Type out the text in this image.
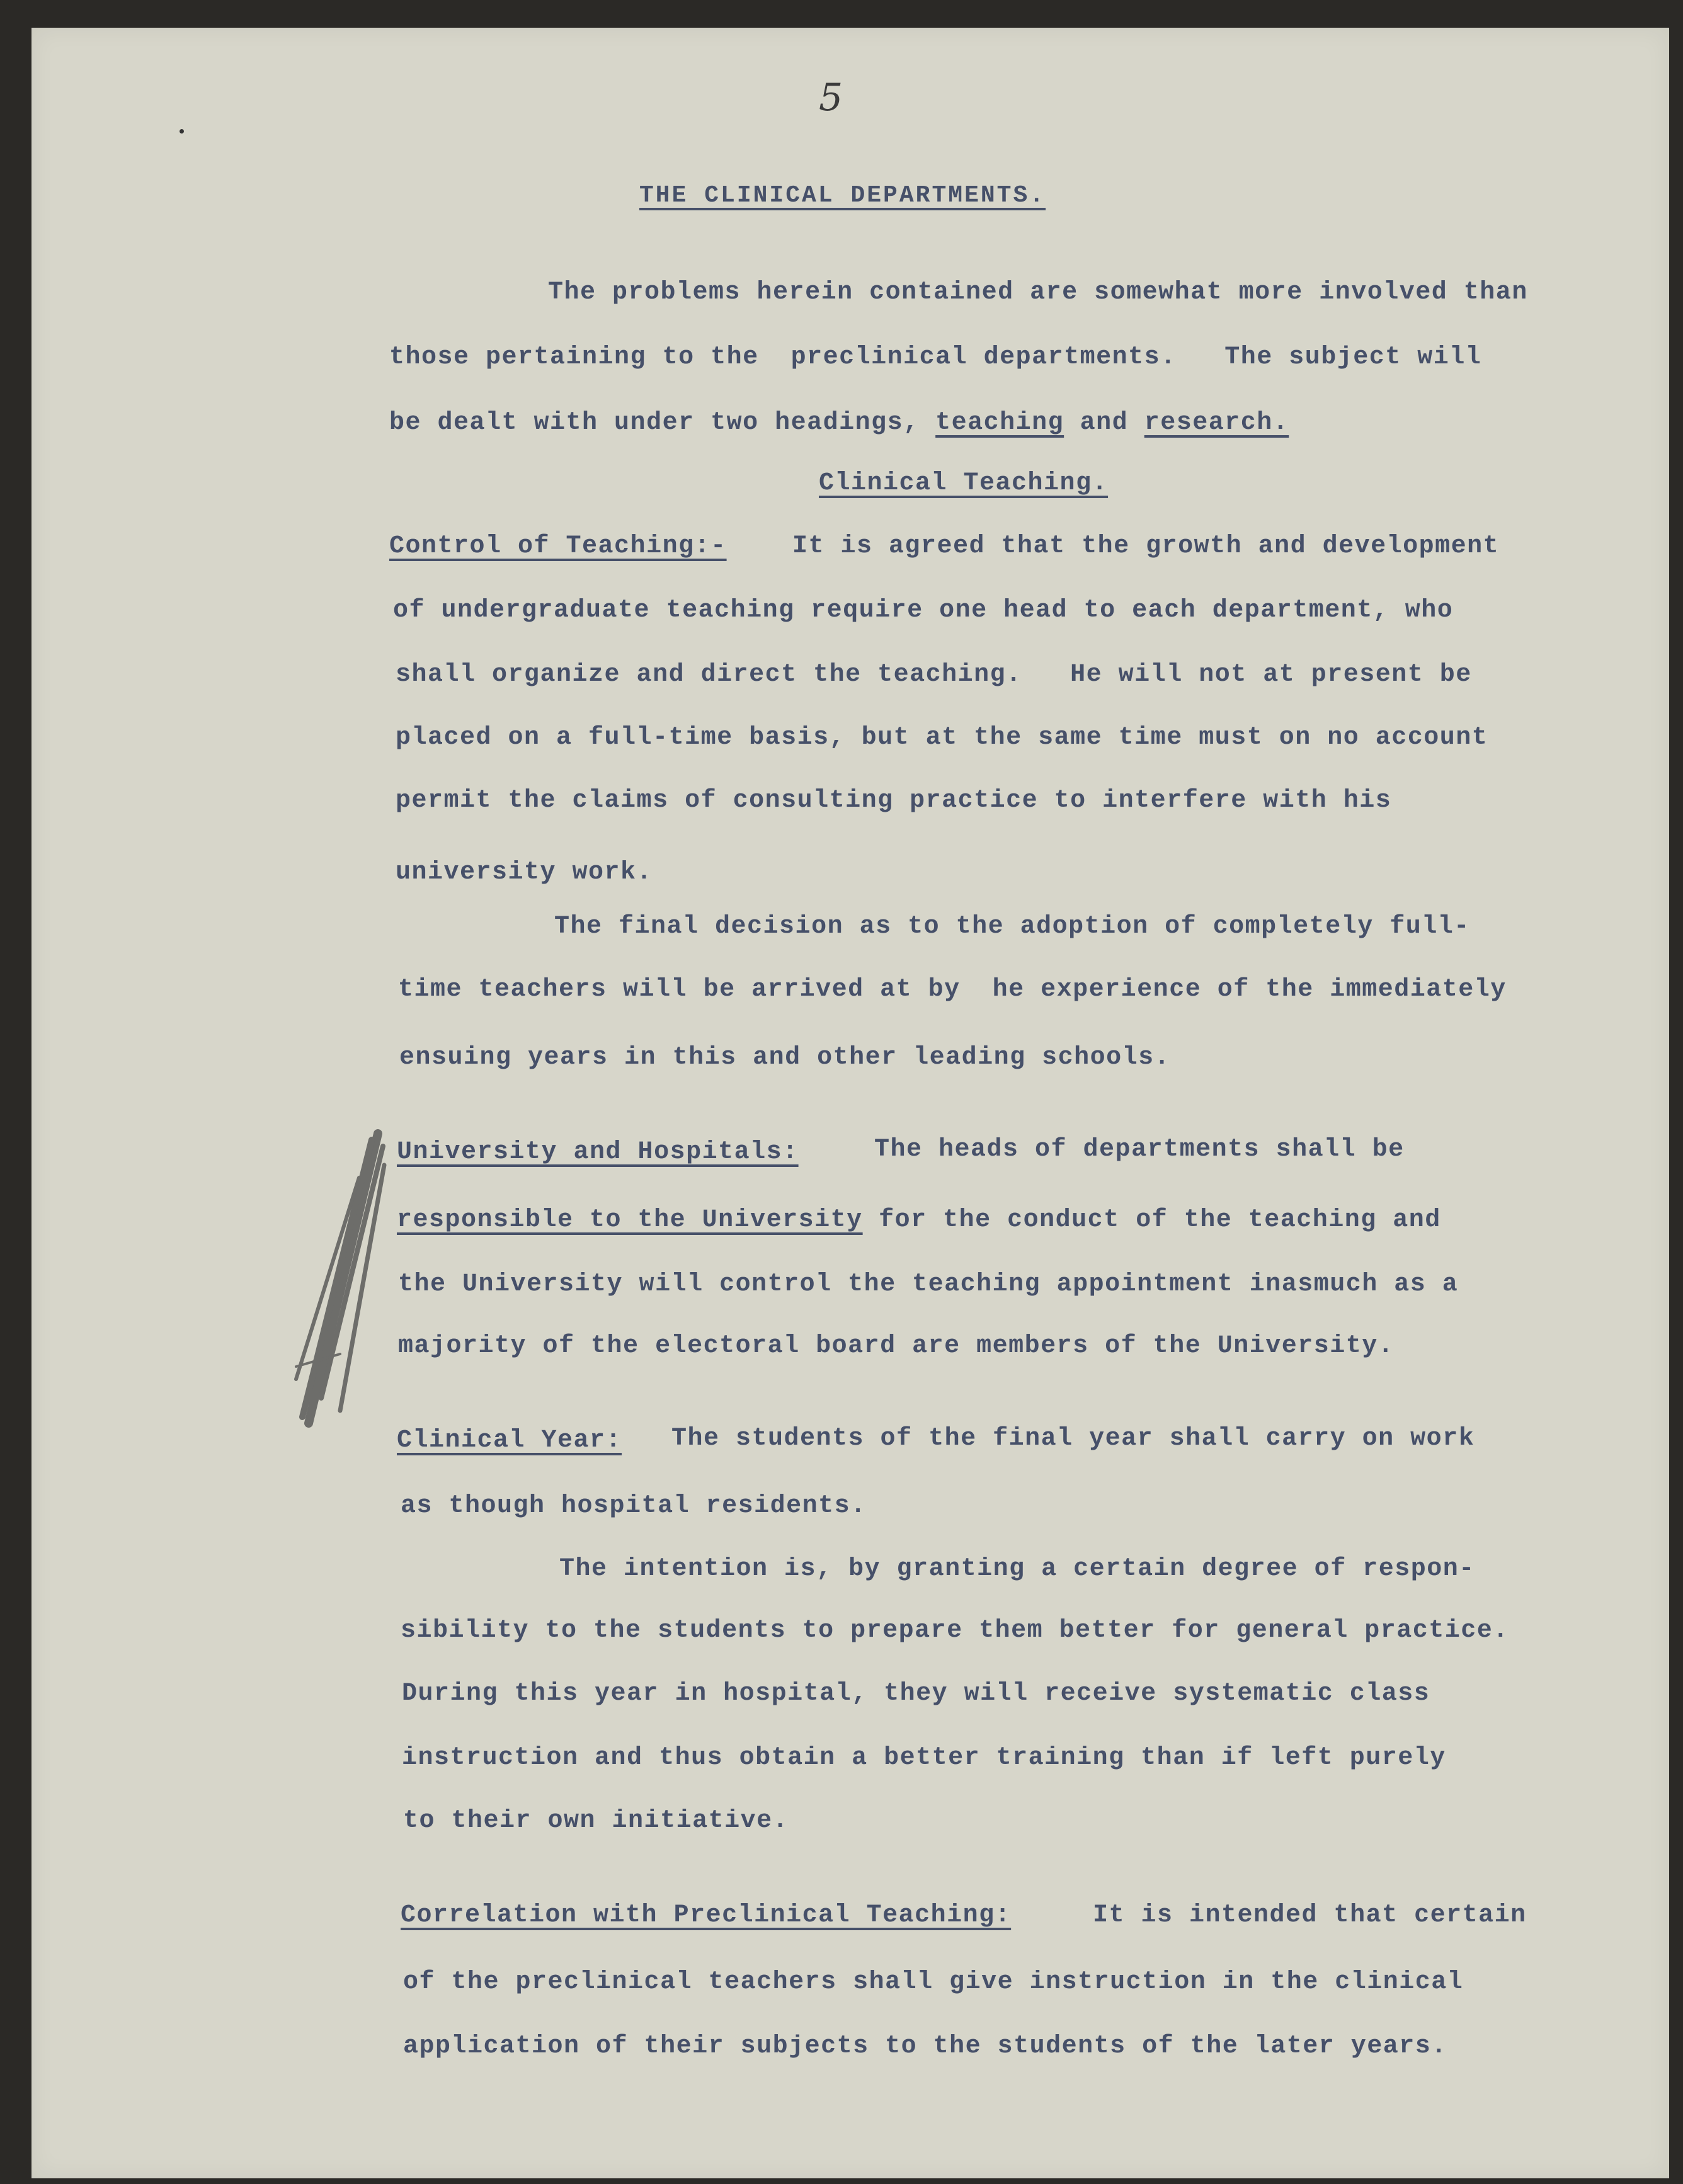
5
THE CLINICAL DEPARTMENTS.
The problems herein contained are somewhat more involved than
those pertaining to the  preclinical departments.   The subject will
be dealt with under two headings, teaching and research.
Clinical Teaching.
Control of Teaching:-	It is agreed that the growth and development
of undergraduate teaching require one head to each department, who
shall organize and direct the teaching.   He will not at present be
placed on a full-time basis, but at the same time must on no account
permit the claims of consulting practice to interfere with his
university work.
The final decision as to the adoption of completely full-
time teachers will be arrived at by  he experience of the immediately
ensuing years in this and other leading schools.
University and Hospitals:	The heads of departments shall be
responsible to the University for the conduct of the teaching and
the University will control the teaching appointment inasmuch as a
majority of the electoral board are members of the University.
Clinical Year: The students of the final year shall carry on work
as though hospital residents.
The intention is, by granting a certain degree of respon-
sibility to the students to prepare them better for general practice.
During this year in hospital, they will receive systematic class
instruction and thus obtain a better training than if left purely
to their own initiative.
Correlation with Preclinical Teaching:	It is intended that certain
of the preclinical teachers shall give instruction in the clinical
application of their subjects to the students of the later years.
